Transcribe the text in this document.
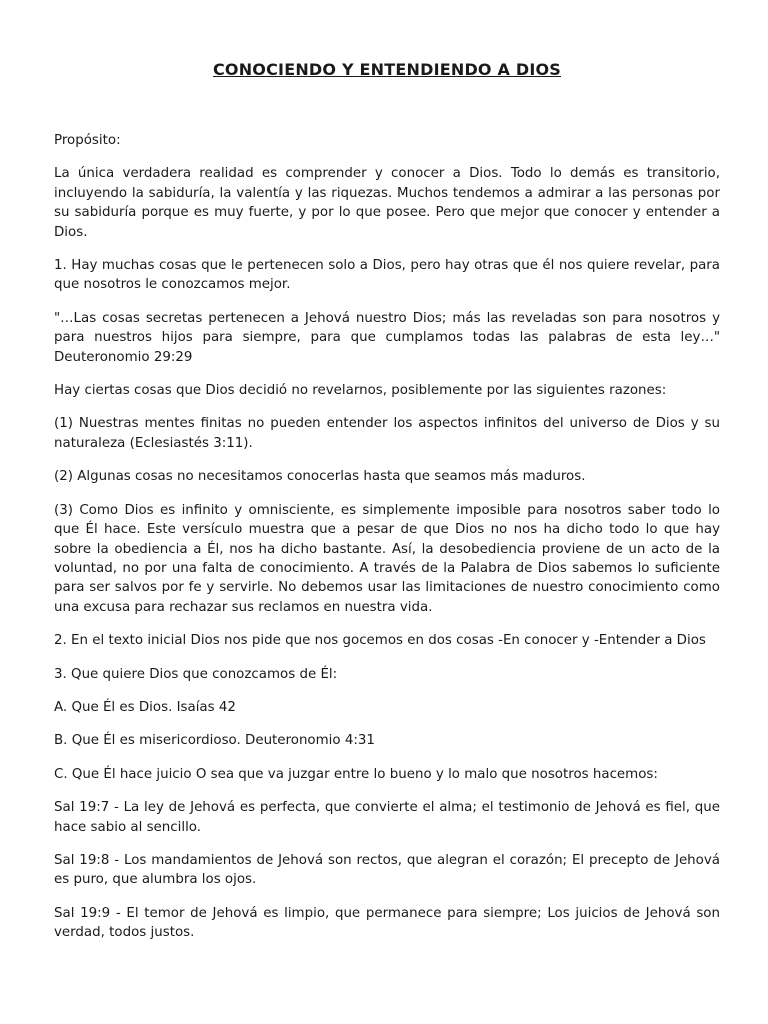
CONOCIENDO Y ENTENDIENDO A DIOS

Propósito:

La única verdadera realidad es comprender y conocer a Dios. Todo lo demás es transitorio, incluyendo la sabiduría, la valentía y las riquezas. Muchos tendemos a admirar a las personas por su sabiduría porque es muy fuerte, y por lo que posee. Pero que mejor que conocer y entender a Dios.

1. Hay muchas cosas que le pertenecen solo a Dios, pero hay otras que él nos quiere revelar, para que nosotros le conozcamos mejor.

"…Las cosas secretas pertenecen a Jehová nuestro Dios; más las reveladas son para nosotros y para nuestros hijos para siempre, para que cumplamos todas las palabras de esta ley…" Deuteronomio 29:29

Hay ciertas cosas que Dios decidió no revelarnos, posiblemente por las siguientes razones:

(1) Nuestras mentes finitas no pueden entender los aspectos infinitos del universo de Dios y su naturaleza (Eclesiastés 3:11).

(2) Algunas cosas no necesitamos conocerlas hasta que seamos más maduros.

(3) Como Dios es infinito y omnisciente, es simplemente imposible para nosotros saber todo lo que Él hace. Este versículo muestra que a pesar de que Dios no nos ha dicho todo lo que hay sobre la obediencia a Él, nos ha dicho bastante. Así, la desobediencia proviene de un acto de la voluntad, no por una falta de conocimiento. A través de la Palabra de Dios sabemos lo suficiente para ser salvos por fe y servirle. No debemos usar las limitaciones de nuestro conocimiento como una excusa para rechazar sus reclamos en nuestra vida.

2. En el texto inicial Dios nos pide que nos gocemos en dos cosas -En conocer y -Entender a Dios

3. Que quiere Dios que conozcamos de Él:

A. Que Él es Dios. Isaías 42

B. Que Él es misericordioso. Deuteronomio 4:31

C. Que Él hace juicio O sea que va juzgar entre lo bueno y lo malo que nosotros hacemos:

Sal 19:7 - La ley de Jehová es perfecta, que convierte el alma; el testimonio de Jehová es fiel, que hace sabio al sencillo.

Sal 19:8 - Los mandamientos de Jehová son rectos, que alegran el corazón; El precepto de Jehová es puro, que alumbra los ojos.

Sal 19:9 - El temor de Jehová es limpio, que permanece para siempre; Los juicios de Jehová son verdad, todos justos.
